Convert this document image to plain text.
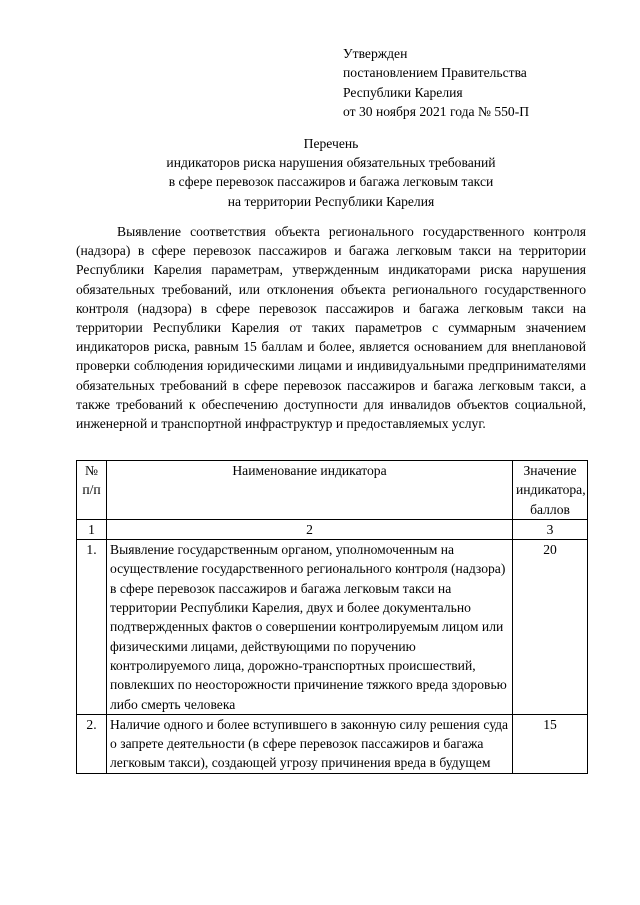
Утвержден
постановлением Правительства
Республики Карелия
от 30 ноября 2021 года № 550-П
Перечень
индикаторов риска нарушения обязательных требований
в сфере перевозок пассажиров и багажа легковым такси
на территории Республики Карелия
Выявление соответствия объекта регионального государственного контроля (надзора) в сфере перевозок пассажиров и багажа легковым такси на территории Республики Карелия параметрам, утвержденным индикаторами риска нарушения обязательных требований, или отклонения объекта регионального государственного контроля (надзора) в сфере перевозок пассажиров и багажа легковым такси на территории Республики Карелия от таких параметров с суммарным значением индикаторов риска, равным 15 баллам и более, является основанием для внеплановой проверки соблюдения юридическими лицами и индивидуальными предпринимателями обязательных требований в сфере перевозок пассажиров и багажа легковым такси, а также требований к обеспечению доступности для инвалидов объектов социальной, инженерной и транспортной инфраструктур и предоставляемых услуг.
№ п/п	Наименование индикатора	Значение индикатора, баллов
1	2	3
1.	Выявление государственным органом, уполномоченным на осуществление государственного регионального контроля (надзора) в сфере перевозок пассажиров и багажа легковым такси на территории Республики Карелия, двух и более документально подтвержденных фактов о совершении контролируемым лицом или физическими лицами, действующими по поручению контролируемого лица, дорожно-транспортных происшествий, повлекших по неосторожности причинение тяжкого вреда здоровью либо смерть человека	20
2.	Наличие одного и более вступившего в законную силу решения суда о запрете деятельности (в сфере перевозок пассажиров и багажа легковым такси), создающей угрозу причинения вреда в будущем	15
